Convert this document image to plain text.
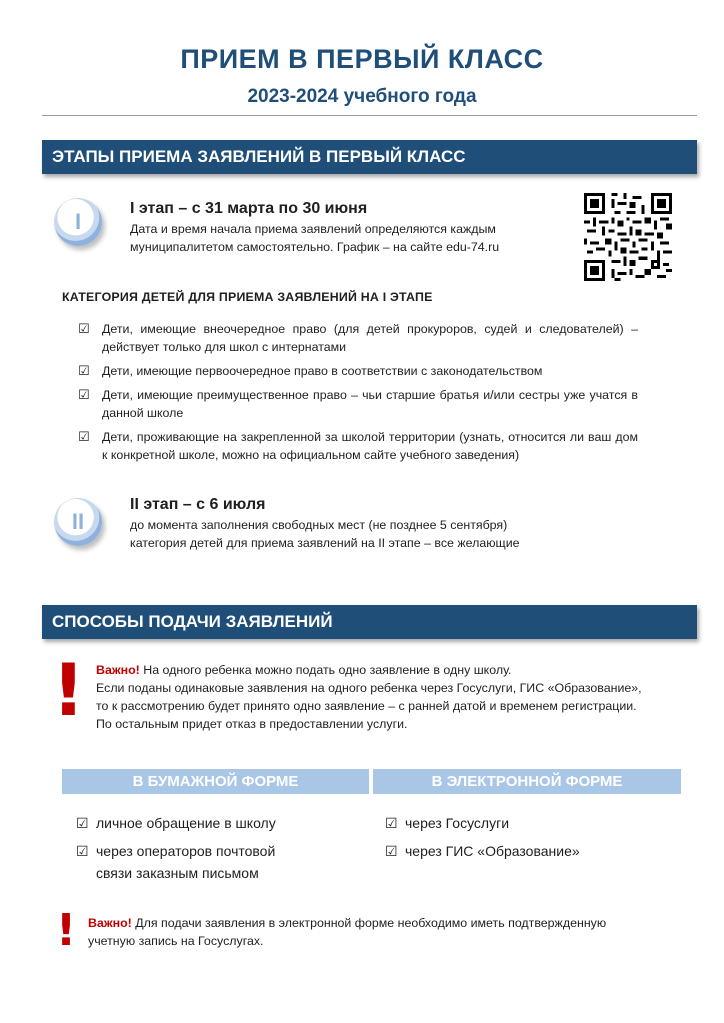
ПРИЕМ В ПЕРВЫЙ КЛАСС
2023-2024 учебного года
ЭТАПЫ ПРИЕМА ЗАЯВЛЕНИЙ В ПЕРВЫЙ КЛАСС
I
I этап – с 31 марта по 30 июня
Дата и время начала приема заявлений определяются каждым
муниципалитетом самостоятельно. График – на сайте edu-74.ru
КАТЕГОРИЯ ДЕТЕЙ ДЛЯ ПРИЕМА ЗАЯВЛЕНИЙ НА I ЭТАПЕ
☑ Дети, имеющие внеочередное право (для детей прокуроров, судей и следователей) – действует только для школ с интернатами
☑ Дети, имеющие первоочередное право в соответствии с законодательством
☑ Дети, имеющие преимущественное право – чьи старшие братья и/или сестры уже учатся в данной школе
☑ Дети, проживающие на закрепленной за школой территории (узнать, относится ли ваш дом к конкретной школе, можно на официальном сайте учебного заведения)
II
II этап – с 6 июля
до момента заполнения свободных мест (не позднее 5 сентября)
категория детей для приема заявлений на II этапе – все желающие
СПОСОБЫ ПОДАЧИ ЗАЯВЛЕНИЙ
! Важно! На одного ребенка можно подать одно заявление в одну школу.
Если поданы одинаковые заявления на одного ребенка через Госуслуги, ГИС «Образование»,
то к рассмотрению будет принято одно заявление – с ранней датой и временем регистрации.
По остальным придет отказ в предоставлении услуги.
В БУМАЖНОЙ ФОРМЕ	В ЭЛЕКТРОННОЙ ФОРМЕ
☑ личное обращение в школу
☑ через операторов почтовой
связи заказным письмом
☑ через Госуслуги
☑ через ГИС «Образование»
! Важно! Для подачи заявления в электронной форме необходимо иметь подтвержденную
учетную запись на Госуслугах.
